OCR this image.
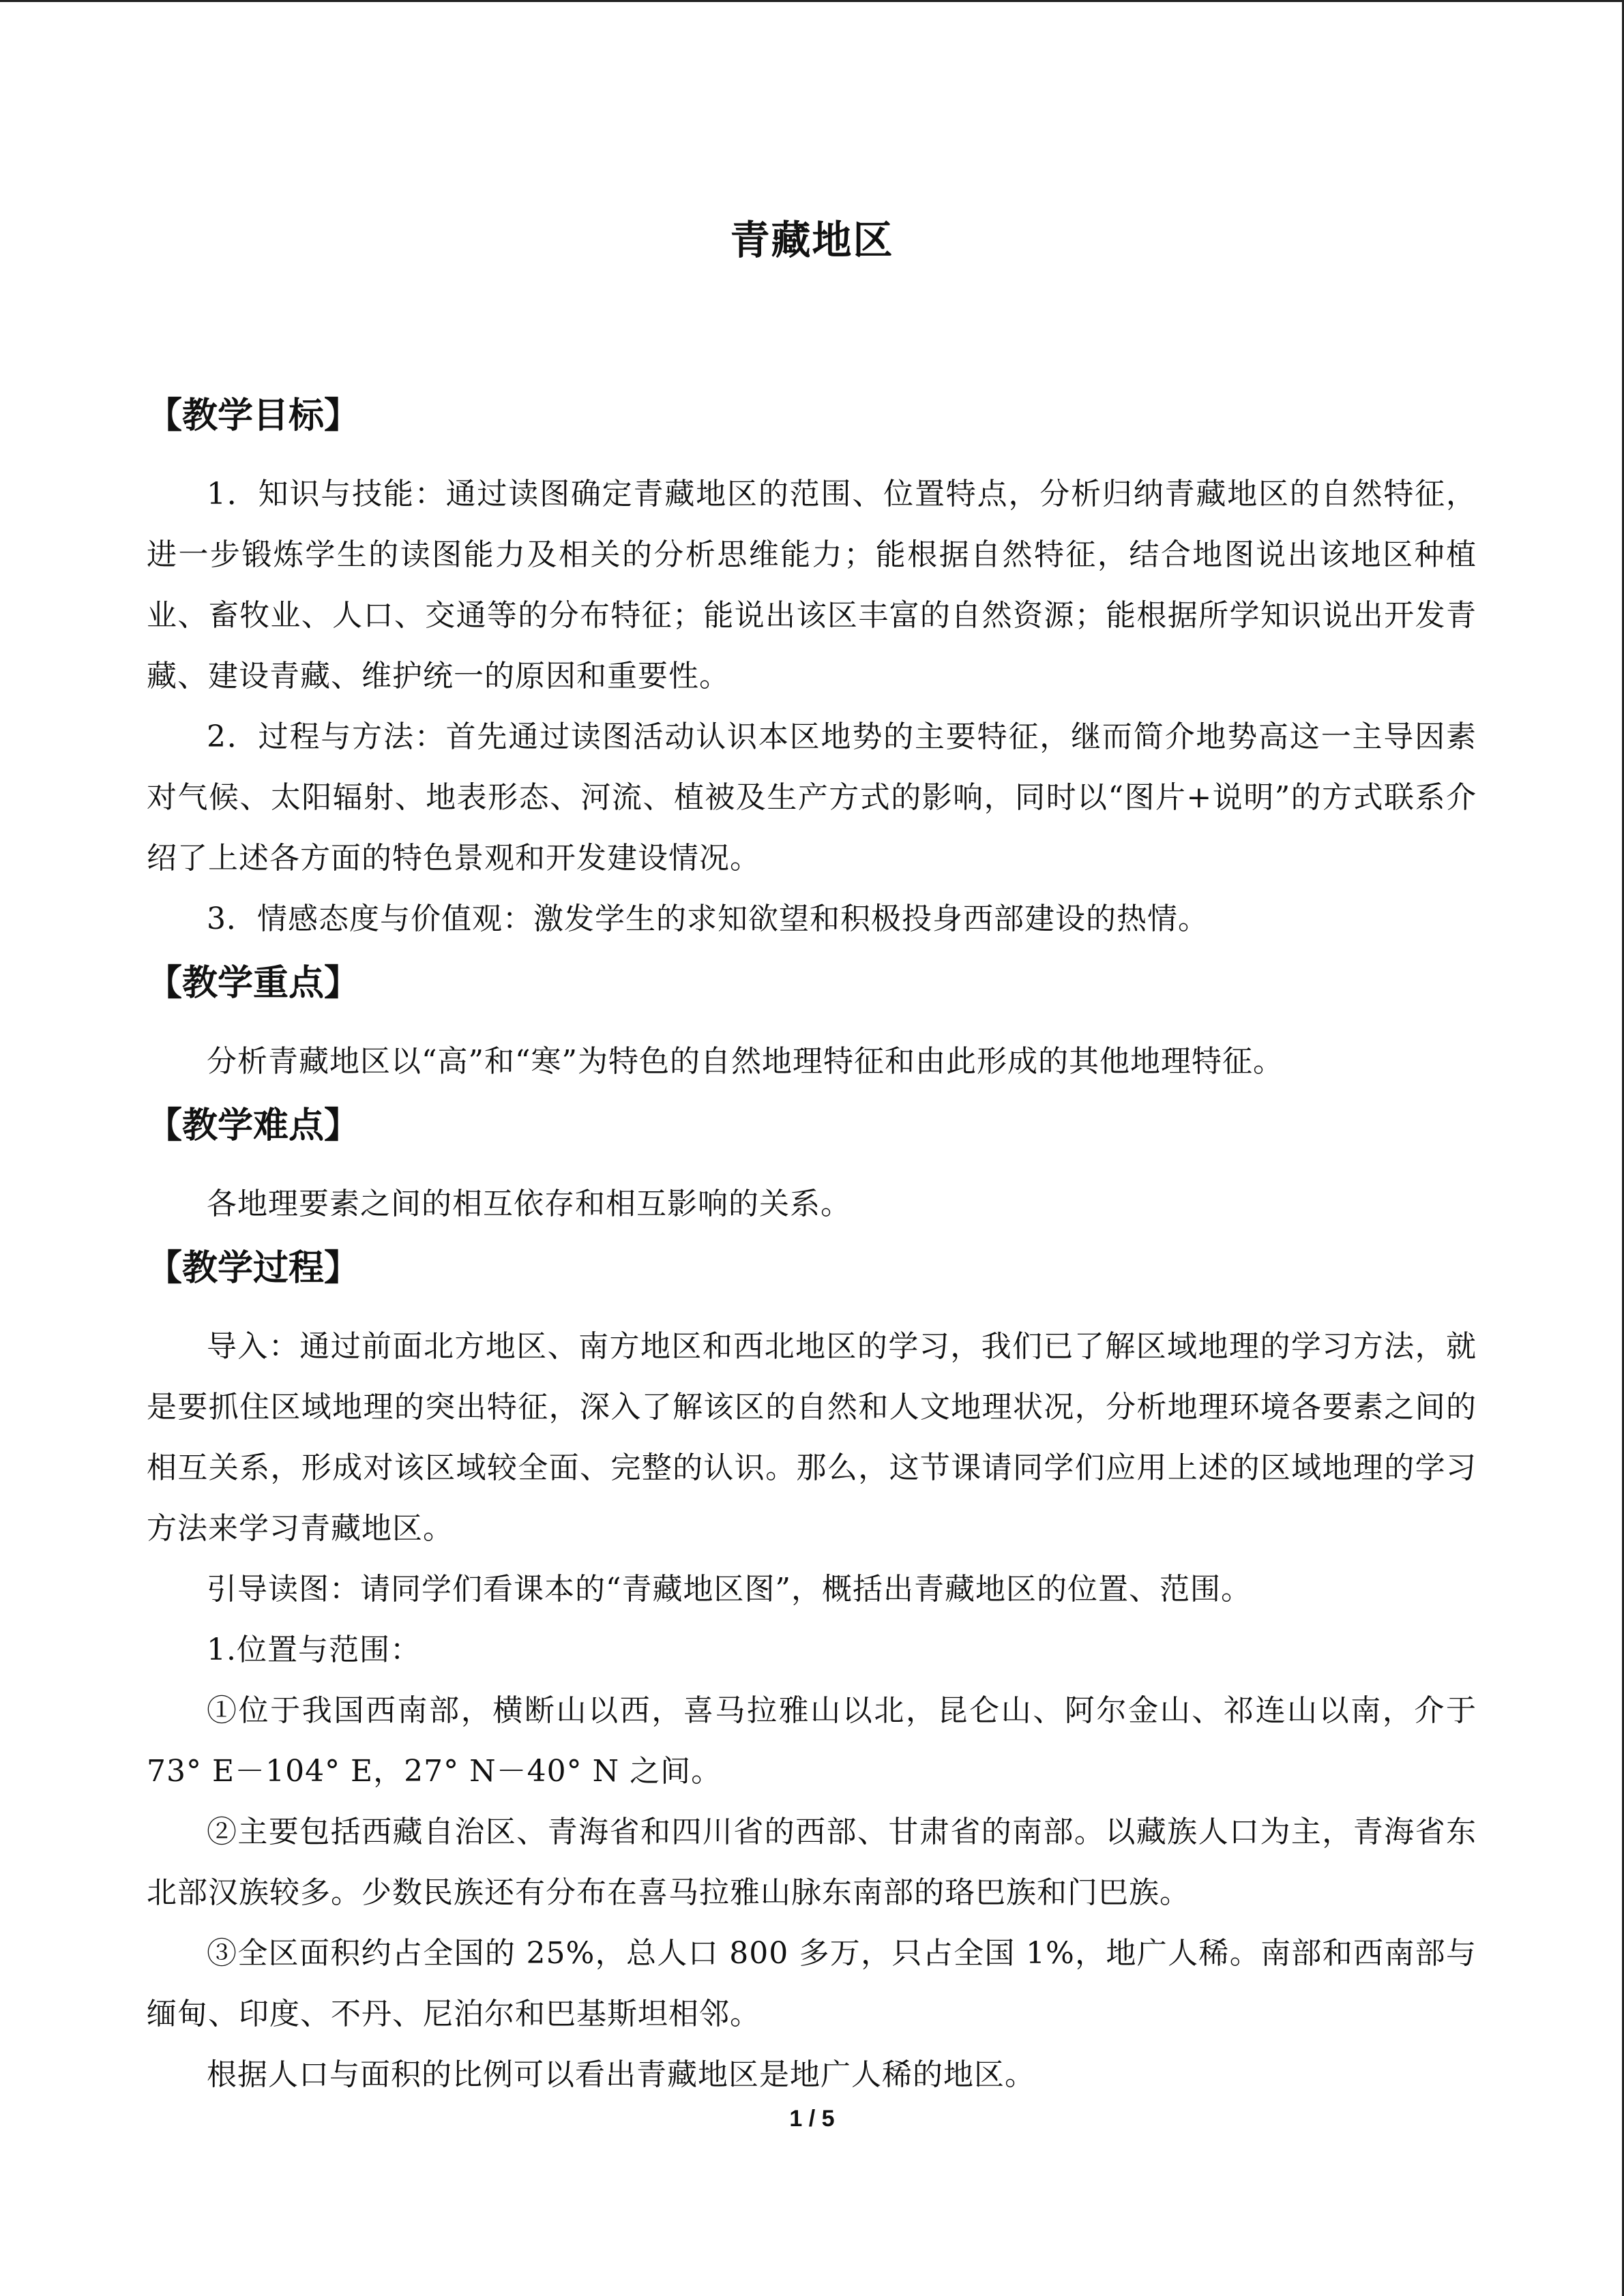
青藏地区
【教学目标】

1．知识与技能：通过读图确定青藏地区的范围、位置特点，分析归纳青藏地区的自然特征，进一步锻炼学生的读图能力及相关的分析思维能力；能根据自然特征，结合地图说出该地区种植业、畜牧业、人口、交通等的分布特征；能说出该区丰富的自然资源；能根据所学知识说出开发青藏、建设青藏、维护统一的原因和重要性。

2．过程与方法：首先通过读图活动认识本区地势的主要特征，继而简介地势高这一主导因素对气候、太阳辐射、地表形态、河流、植被及生产方式的影响，同时以“图片+说明”的方式联系介绍了上述各方面的特色景观和开发建设情况。

3．情感态度与价值观：激发学生的求知欲望和积极投身西部建设的热情。

【教学重点】

分析青藏地区以“高”和“寒”为特色的自然地理特征和由此形成的其他地理特征。

【教学难点】

各地理要素之间的相互依存和相互影响的关系。

【教学过程】

导入：通过前面北方地区、南方地区和西北地区的学习，我们已了解区域地理的学习方法，就是要抓住区域地理的突出特征，深入了解该区的自然和人文地理状况，分析地理环境各要素之间的相互关系，形成对该区域较全面、完整的认识。那么，这节课请同学们应用上述的区域地理的学习方法来学习青藏地区。

引导读图：请同学们看课本的“青藏地区图”，概括出青藏地区的位置、范围。

1.位置与范围：

①位于我国西南部，横断山以西，喜马拉雅山以北，昆仑山、阿尔金山、祁连山以南，介于 73° E－104° E，27° N－40° N 之间。

②主要包括西藏自治区、青海省和四川省的西部、甘肃省的南部。以藏族人口为主，青海省东北部汉族较多。少数民族还有分布在喜马拉雅山脉东南部的珞巴族和门巴族。

③全区面积约占全国的 25%，总人口 800 多万，只占全国 1%，地广人稀。南部和西南部与缅甸、印度、不丹、尼泊尔和巴基斯坦相邻。

根据人口与面积的比例可以看出青藏地区是地广人稀的地区。

1 / 5
